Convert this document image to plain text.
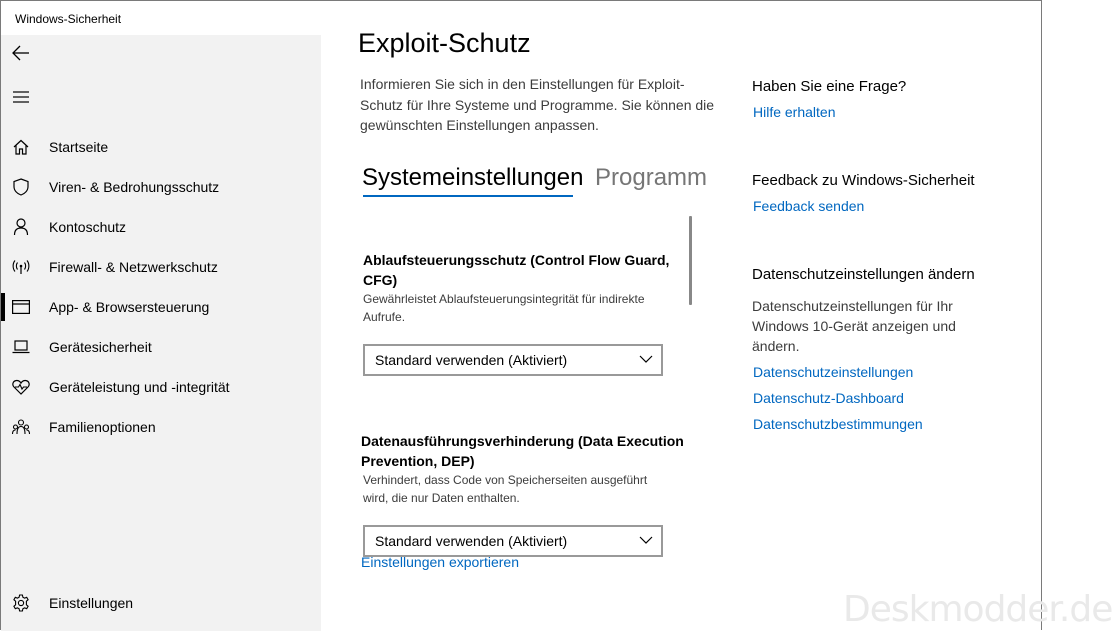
Windows-Sicherheit
Startseite
Viren- & Bedrohungsschutz
Kontoschutz
Firewall- & Netzwerkschutz
App- & Browsersteuerung
Gerätesicherheit
Geräteleistung und -integrität
Familienoptionen
Einstellungen
Exploit-Schutz

Informieren Sie sich in den Einstellungen für Exploit-Schutz für Ihre Systeme und Programme. Sie können die gewünschten Einstellungen anpassen.

Systemeinstellungen Programm
Ablaufsteuerungsschutz (Control Flow Guard, CFG)
Gewährleistet Ablaufsteuerungsintegrität für indirekte Aufrufe.
Standard verwenden (Aktiviert)
Datenausführungsverhinderung (Data Execution Prevention, DEP)
Verhindert, dass Code von Speicherseiten ausgeführt wird, die nur Daten enthalten.
Standard verwenden (Aktiviert)
Einstellungen exportieren
Haben Sie eine Frage?
Hilfe erhalten
Feedback zu Windows-Sicherheit
Feedback senden
Datenschutzeinstellungen ändern

Datenschutzeinstellungen für Ihr Windows 10-Gerät anzeigen und ändern.

Datenschutzeinstellungen
Datenschutz-Dashboard
Datenschutzbestimmungen
Deskmodder.de
